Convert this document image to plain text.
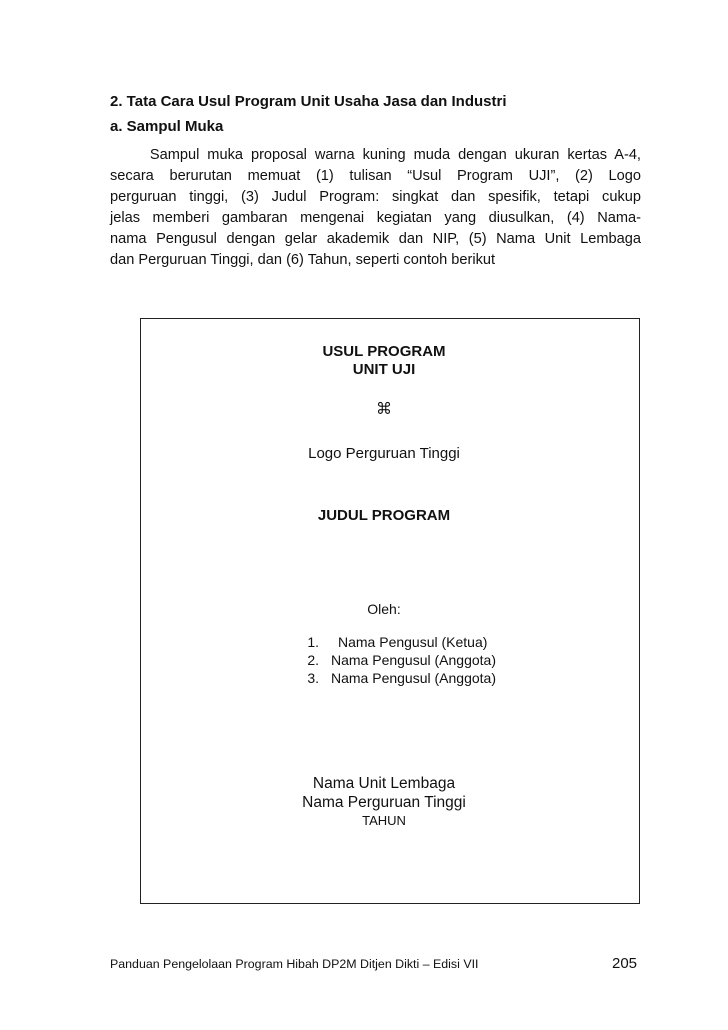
2. Tata Cara Usul Program Unit Usaha Jasa dan Industri

a. Sampul Muka

Sampul muka proposal warna kuning muda dengan ukuran kertas A-4,
secara berurutan memuat (1) tulisan “Usul Program UJI”, (2) Logo
perguruan tinggi, (3) Judul Program: singkat dan spesifik, tetapi cukup
jelas memberi gambaran mengenai kegiatan yang diusulkan, (4) Nama-
nama Pengusul dengan gelar akademik dan NIP, (5) Nama Unit Lembaga
dan Perguruan Tinggi, dan (6) Tahun, seperti contoh berikut
USUL PROGRAM
UNIT UJI
⌘
Logo Perguruan Tinggi
JUDUL PROGRAM
Oleh:
1.	Nama Pengusul (Ketua)
2. Nama Pengusul (Anggota)
3. Nama Pengusul (Anggota)
Nama Unit Lembaga
Nama Perguruan Tinggi
TAHUN
Panduan Pengelolaan Program Hibah DP2M Ditjen Dikti – Edisi VII	205
